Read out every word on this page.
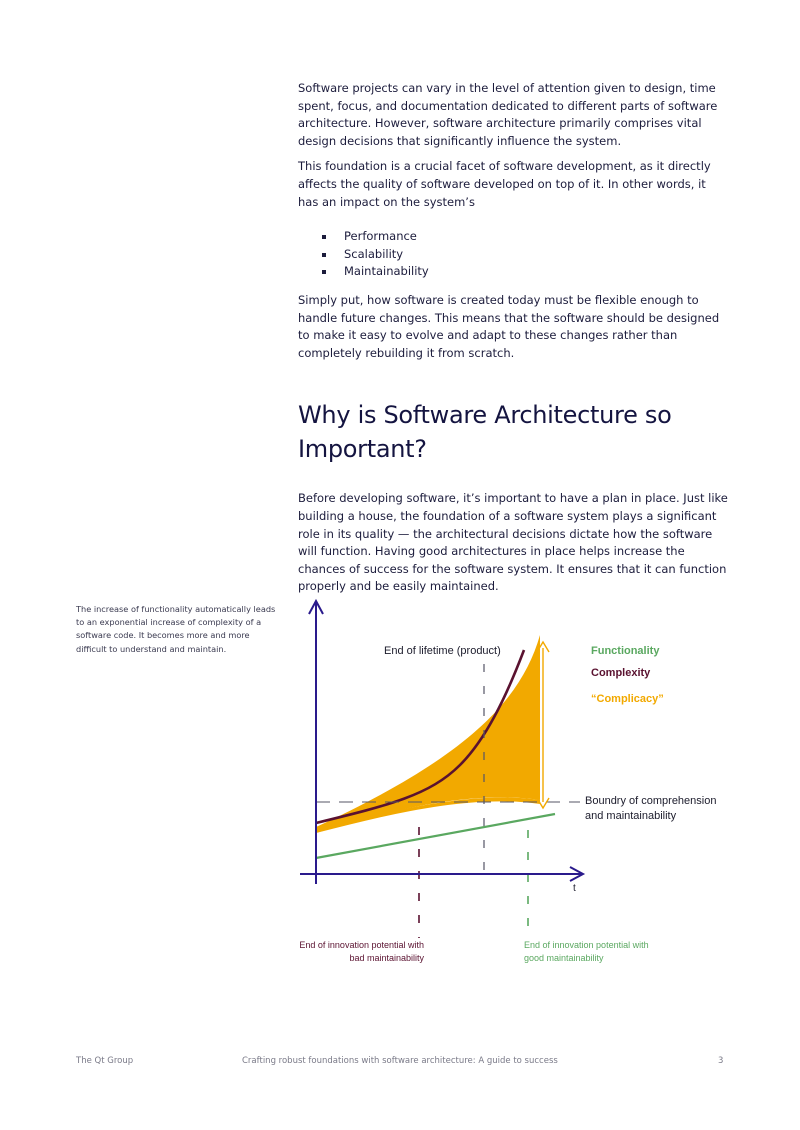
Software projects can vary in the level of attention given to design, time spent, focus, and documentation dedicated to different parts of software architecture. However, software architecture primarily comprises vital design decisions that significantly influence the system.

This foundation is a crucial facet of software development, as it directly affects the quality of software developed on top of it. In other words, it has an impact on the system’s

Performance
Scalability
Maintainability

Simply put, how software is created today must be flexible enough to handle future changes. This means that the software should be designed to make it easy to evolve and adapt to these changes rather than completely rebuilding it from scratch.

Why is Software Architecture so Important?

Before developing software, it’s important to have a plan in place. Just like building a house, the foundation of a software system plays a significant role in its quality — the architectural decisions dictate how the software will function. Having good architectures in place helps increase the chances of success for the software system. It ensures that it can function properly and be easily maintained.

The increase of functionality automatically leads to an exponential increase of complexity of a software code. It becomes more and more difficult to understand and maintain.	End of lifetime (product)	Functionality
Complexity
“Complicacy”
Boundry of comprehension and maintainability
t
End of innovation potential with bad maintainability
End of innovation potential with good maintainability
The Qt Group	Crafting robust foundations with software architecture: A guide to success	3
